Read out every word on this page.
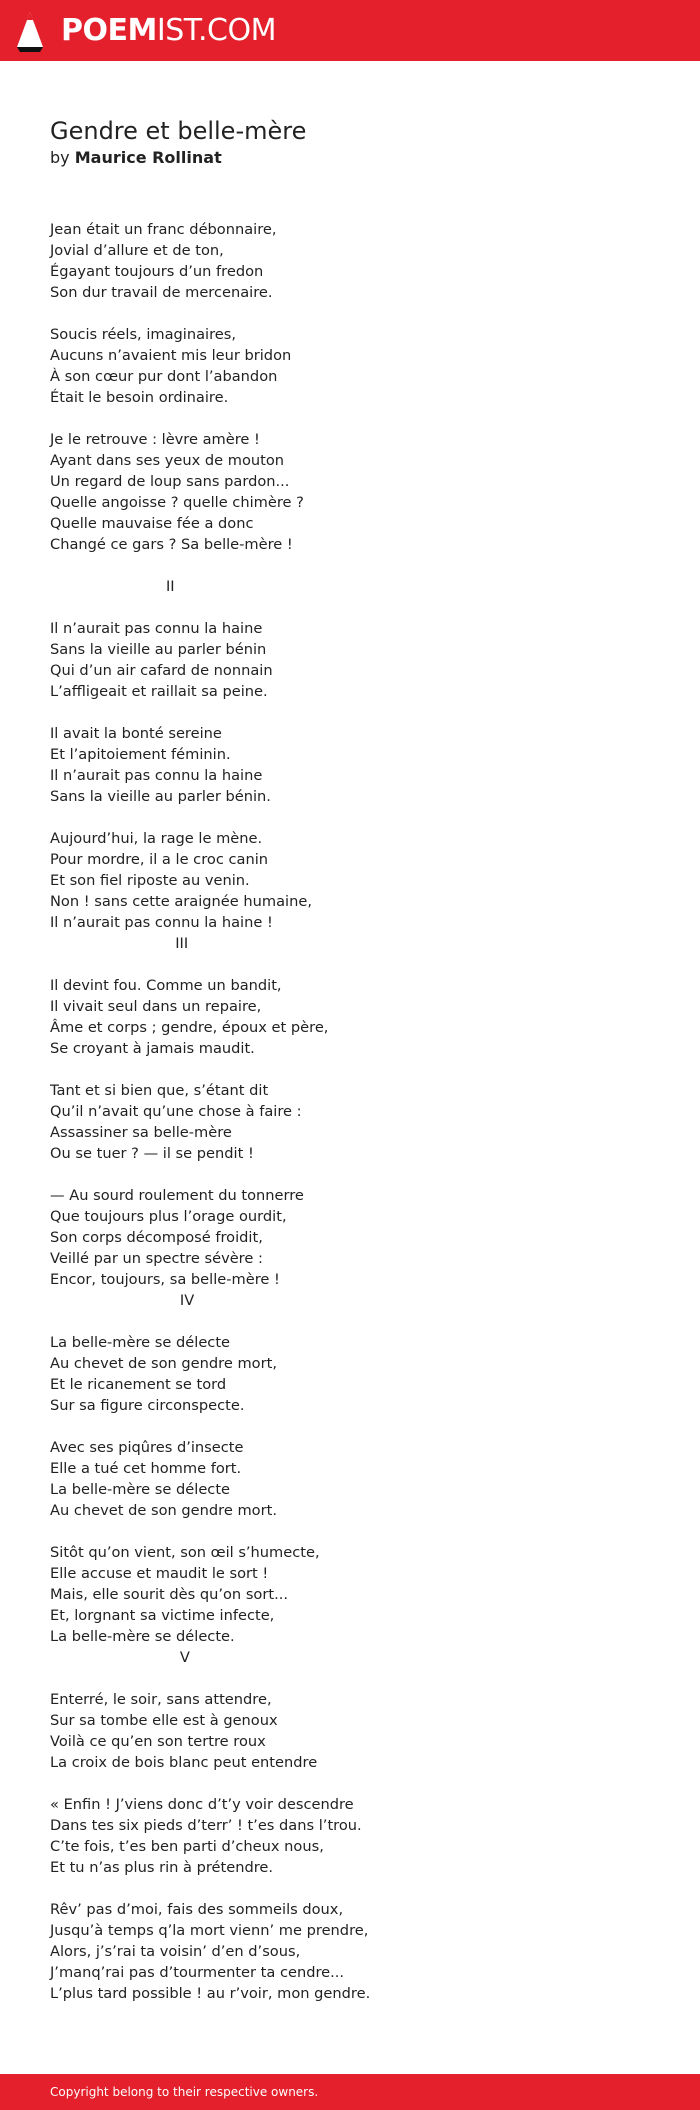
POEMIST.COM
Gendre et belle-mère
by Maurice Rollinat
Jean était un franc débonnaire,
Jovial d’allure et de ton,
Égayant toujours d’un fredon
Son dur travail de mercenaire.

Soucis réels, imaginaires,
Aucuns n’avaient mis leur bridon
À son cœur pur dont l’abandon
Était le besoin ordinaire.

Je le retrouve : lèvre amère !
Ayant dans ses yeux de mouton
Un regard de loup sans pardon...
Quelle angoisse ? quelle chimère ?
Quelle mauvaise fée a donc
Changé ce gars ? Sa belle-mère !

II

Il n’aurait pas connu la haine
Sans la vieille au parler bénin
Qui d’un air cafard de nonnain
L’affligeait et raillait sa peine.

Il avait la bonté sereine
Et l’apitoiement féminin.
Il n’aurait pas connu la haine
Sans la vieille au parler bénin.

Aujourd’hui, la rage le mène.
Pour mordre, il a le croc canin
Et son fiel riposte au venin.
Non ! sans cette araignée humaine,
Il n’aurait pas connu la haine !
III

Il devint fou. Comme un bandit,
Il vivait seul dans un repaire,
Âme et corps ; gendre, époux et père,
Se croyant à jamais maudit.

Tant et si bien que, s’étant dit
Qu’il n’avait qu’une chose à faire :
Assassiner sa belle-mère
Ou se tuer ? — il se pendit !

— Au sourd roulement du tonnerre
Que toujours plus l’orage ourdit,
Son corps décomposé froidit,
Veillé par un spectre sévère :
Encor, toujours, sa belle-mère !
IV

La belle-mère se délecte
Au chevet de son gendre mort,
Et le ricanement se tord
Sur sa figure circonspecte.

Avec ses piqûres d’insecte
Elle a tué cet homme fort.
La belle-mère se délecte
Au chevet de son gendre mort.

Sitôt qu’on vient, son œil s’humecte,
Elle accuse et maudit le sort !
Mais, elle sourit dès qu’on sort...
Et, lorgnant sa victime infecte,
La belle-mère se délecte.
V

Enterré, le soir, sans attendre,
Sur sa tombe elle est à genoux
Voilà ce qu’en son tertre roux
La croix de bois blanc peut entendre

« Enfin ! J’viens donc d’t’y voir descendre
Dans tes six pieds d’terr’ ! t’es dans l’trou.
C’te fois, t’es ben parti d’cheux nous,
Et tu n’as plus rin à prétendre.

Rêv’ pas d’moi, fais des sommeils doux,
Jusqu’à temps q’la mort vienn’ me prendre,
Alors, j’s’rai ta voisin’ d’en d’sous,
J’manq’rai pas d’tourmenter ta cendre...
L’plus tard possible ! au r’voir, mon gendre.
Copyright belong to their respective owners.
